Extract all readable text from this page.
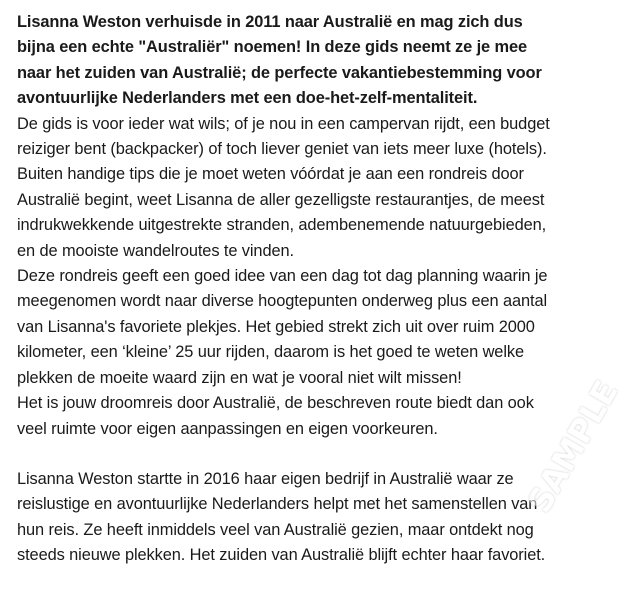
Lisanna Weston verhuisde in 2011 naar Australië en mag zich dus
bijna een echte "Australiër" noemen! In deze gids neemt ze je mee
naar het zuiden van Australië; de perfecte vakantiebestemming voor
avontuurlijke Nederlanders met een doe-het-zelf-mentaliteit.
De gids is voor ieder wat wils; of je nou in een campervan rijdt, een budget
reiziger bent (backpacker) of toch liever geniet van iets meer luxe (hotels).
Buiten handige tips die je moet weten vóórdat je aan een rondreis door
Australië begint, weet Lisanna de aller gezelligste restaurantjes, de meest
indrukwekkende uitgestrekte stranden, adembenemende natuurgebieden,
en de mooiste wandelroutes te vinden.
Deze rondreis geeft een goed idee van een dag tot dag planning waarin je
meegenomen wordt naar diverse hoogtepunten onderweg plus een aantal
van Lisanna's favoriete plekjes. Het gebied strekt zich uit over ruim 2000
kilometer, een ‘kleine’ 25 uur rijden, daarom is het goed te weten welke
plekken de moeite waard zijn en wat je vooral niet wilt missen!
Het is jouw droomreis door Australië, de beschreven route biedt dan ook
veel ruimte voor eigen aanpassingen en eigen voorkeuren.
Lisanna Weston startte in 2016 haar eigen bedrijf in Australië waar ze
reislustige en avontuurlijke Nederlanders helpt met het samenstellen van
hun reis. Ze heeft inmiddels veel van Australië gezien, maar ontdekt nog
steeds nieuwe plekken. Het zuiden van Australië blijft echter haar favoriet.
SAMPLE
